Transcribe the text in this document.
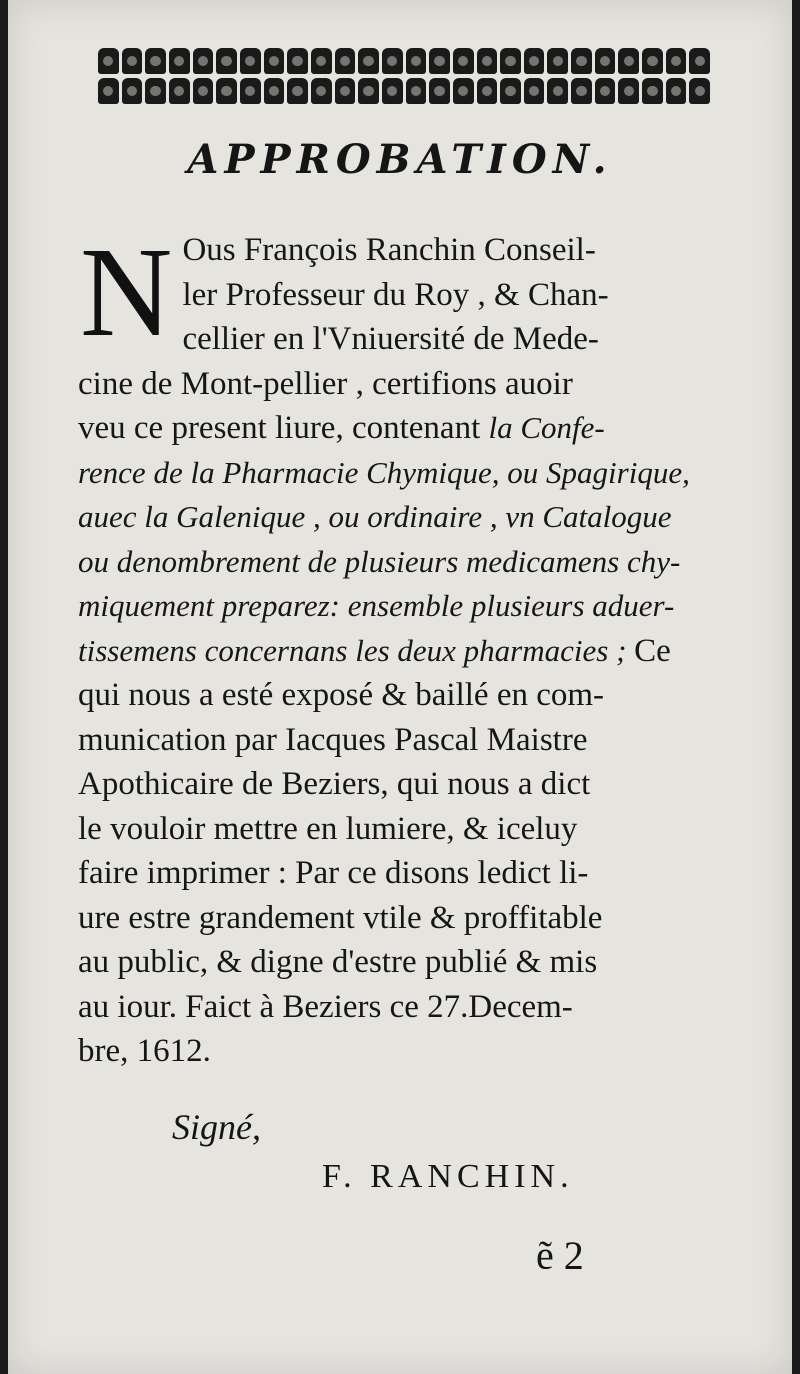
APPROBATION.
N Ous François Ranchin Conseil-
ler Professeur du Roy , & Chan-
cellier en l'Vniuersité de Mede-
cine de Mont-pellier , certifions auoir
veu ce present liure, contenant la Confe-
rence de la Pharmacie Chymique, ou Spagirique,
auec la Galenique , ou ordinaire , vn Catalogue
ou denombrement de plusieurs medicamens chy-
miquement preparez: ensemble plusieurs aduer-
tissemens concernans les deux pharmacies ; Ce
qui nous a esté exposé & baillé en com-
munication par Iacques Pascal Maistre
Apothicaire de Beziers, qui nous a dict
le vouloir mettre en lumiere, & iceluy
faire imprimer : Par ce disons ledict li-
ure estre grandement vtile & proffitable
au public, & digne d'estre publié & mis
au iour. Faict à Beziers ce 27.Decem-
bre, 1612.
Signé,
F. RANCHIN.
ẽ 2
